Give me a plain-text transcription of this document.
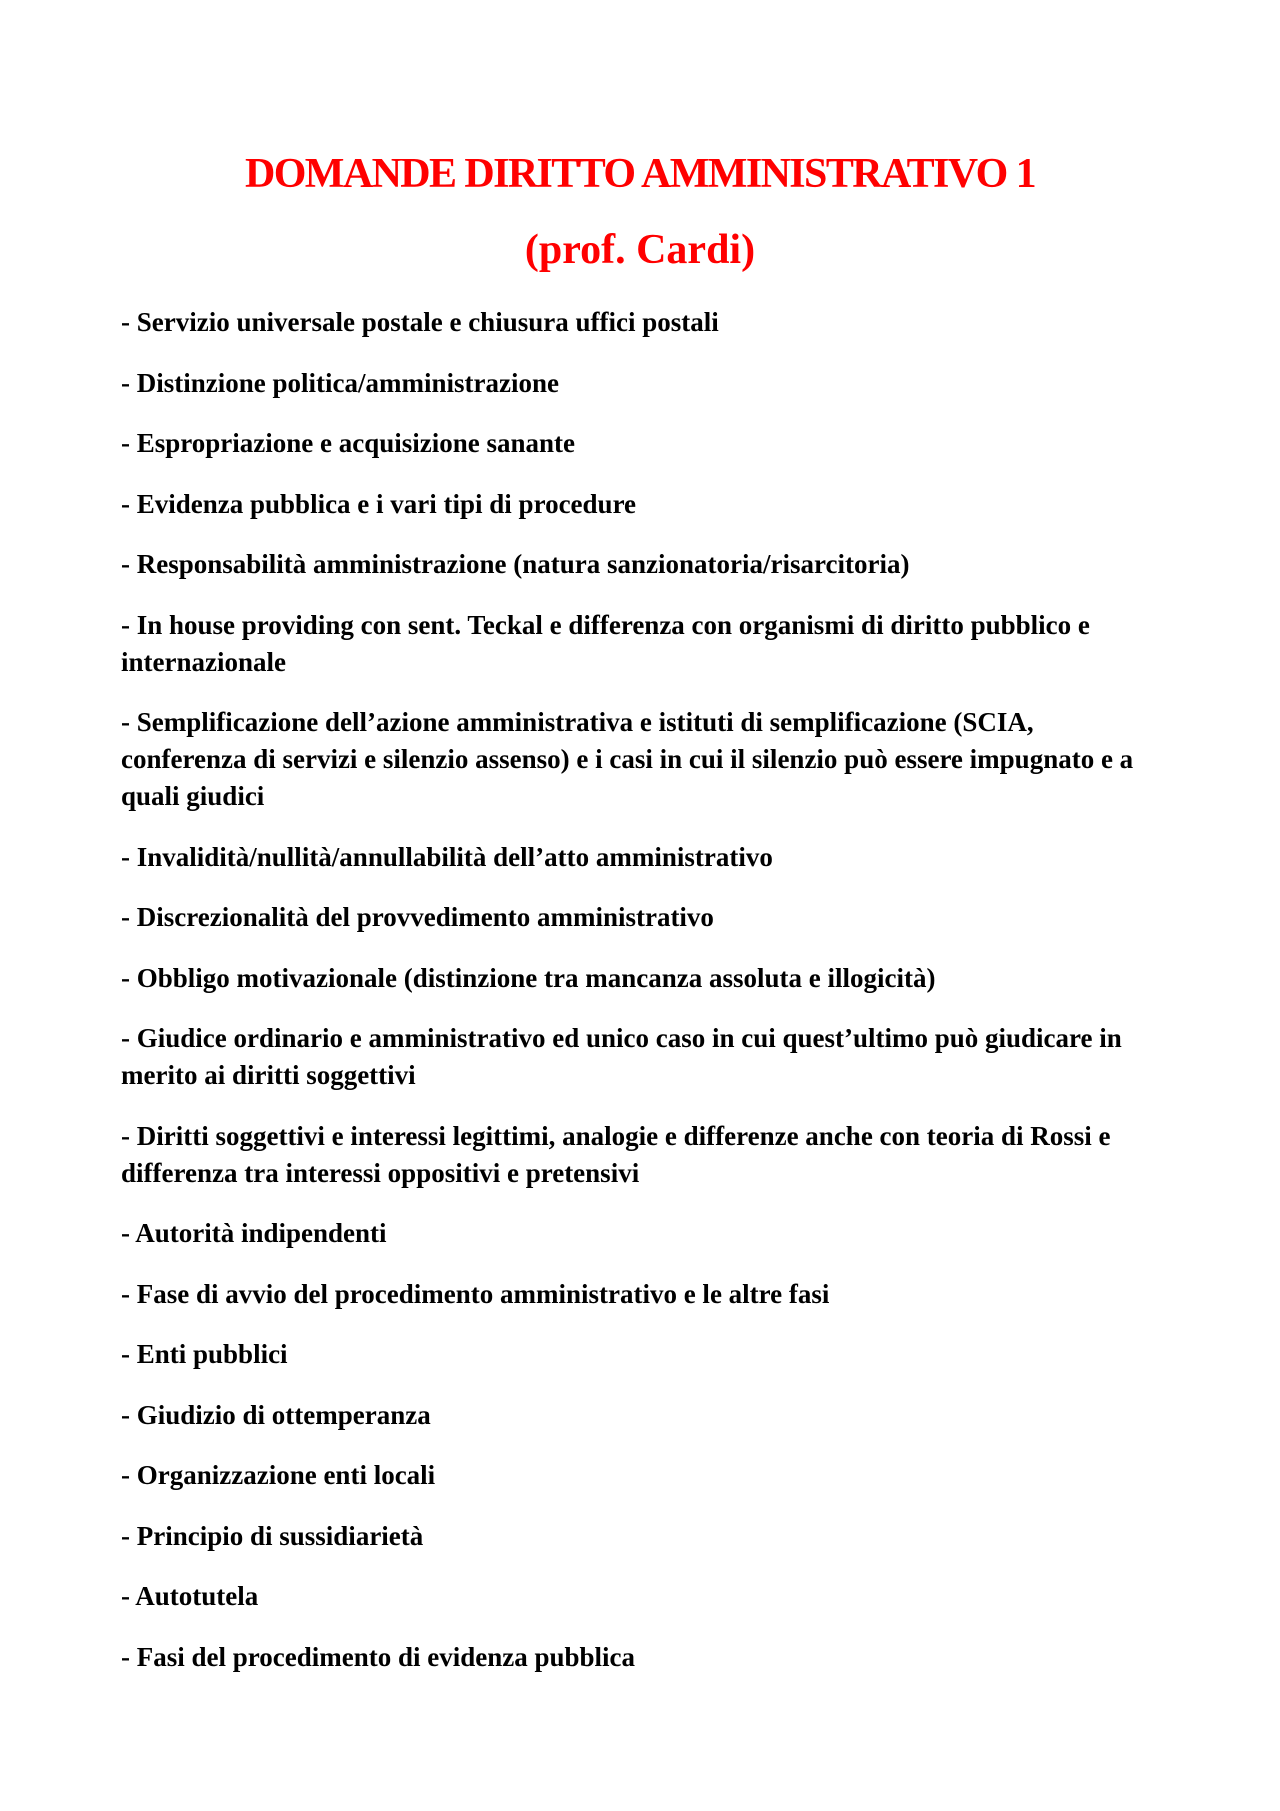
DOMANDE DIRITTO AMMINISTRATIVO 1
(prof. Cardi)
- Servizio universale postale e chiusura uffici postali
- Distinzione politica/amministrazione
- Espropriazione e acquisizione sanante
- Evidenza pubblica e i vari tipi di procedure
- Responsabilità amministrazione (natura sanzionatoria/risarcitoria)
- In house providing con sent. Teckal e differenza con organismi di diritto pubblico e internazionale
- Semplificazione dell’azione amministrativa e istituti di semplificazione (SCIA, conferenza di servizi e silenzio assenso) e i casi in cui il silenzio può essere impugnato e a quali giudici
- Invalidità/nullità/annullabilità dell’atto amministrativo
- Discrezionalità del provvedimento amministrativo
- Obbligo motivazionale (distinzione tra mancanza assoluta e illogicità)
- Giudice ordinario e amministrativo ed unico caso in cui quest’ultimo può giudicare in merito ai diritti soggettivi
- Diritti soggettivi e interessi legittimi, analogie e differenze anche con teoria di Rossi e differenza tra interessi oppositivi e pretensivi
- Autorità indipendenti
- Fase di avvio del procedimento amministrativo e le altre fasi
- Enti pubblici
- Giudizio di ottemperanza
- Organizzazione enti locali
- Principio di sussidiarietà
- Autotutela
- Fasi del procedimento di evidenza pubblica
